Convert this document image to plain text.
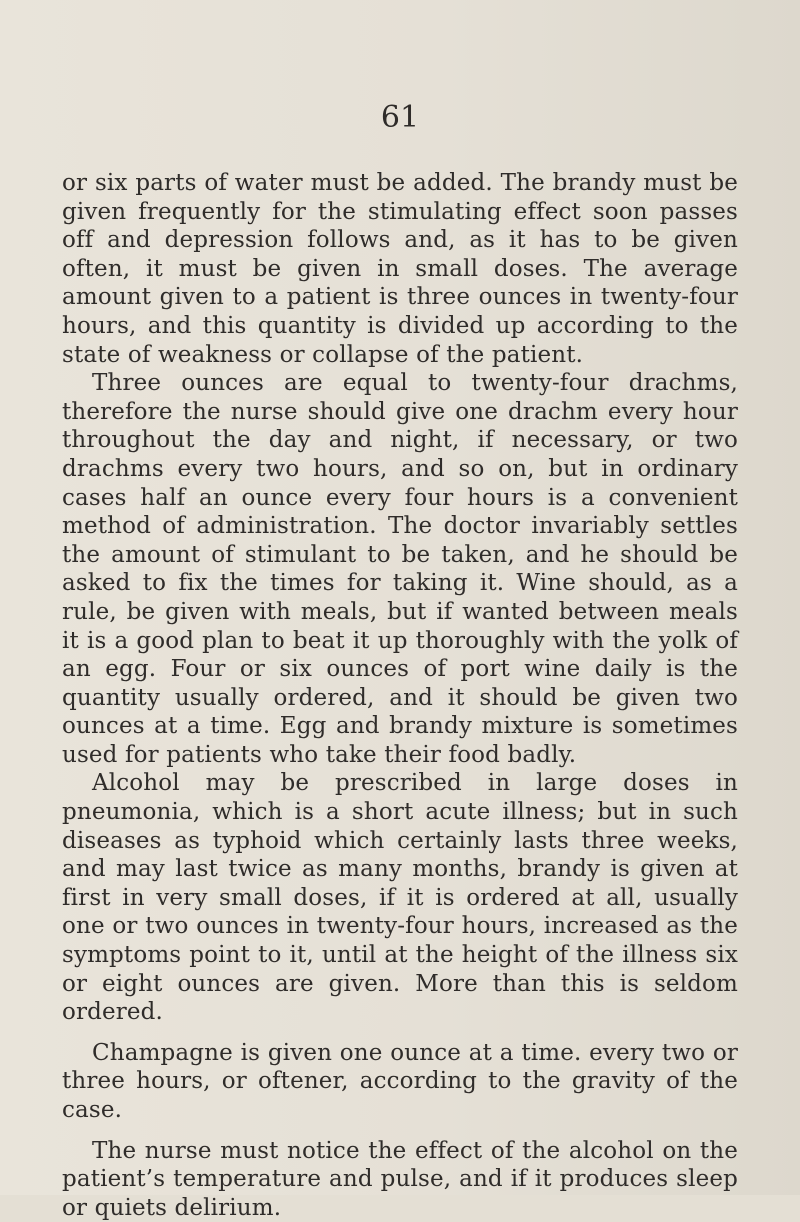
61

or six parts of water must be added. The brandy must be given frequently for the stimulating effect soon passes off and depression follows and, as it has to be given often, it must be given in small doses. The average amount given to a patient is three ounces in twenty-four hours, and this quantity is divided up according to the state of weakness or collapse of the patient.

Three ounces are equal to twenty-four drachms, therefore the nurse should give one drachm every hour throughout the day and night, if necessary, or two drachms every two hours, and so on, but in ordinary cases half an ounce every four hours is a convenient method of administration. The doctor invariably settles the amount of stimulant to be taken, and he should be asked to fix the times for taking it. Wine should, as a rule, be given with meals, but if wanted between meals it is a good plan to beat it up thoroughly with the yolk of an egg. Four or six ounces of port wine daily is the quantity usually ordered, and it should be given two ounces at a time. Egg and brandy mixture is sometimes used for patients who take their food badly.

Alcohol may be prescribed in large doses in pneumonia, which is a short acute illness; but in such diseases as typhoid which certainly lasts three weeks, and may last twice as many months, brandy is given at first in very small doses, if it is ordered at all, usually one or two ounces in twenty-four hours, increased as the symptoms point to it, until at the height of the illness six or eight ounces are given. More than this is seldom ordered.

Champagne is given one ounce at a time. every two or three hours, or oftener, according to the gravity of the case.

The nurse must notice the effect of the alcohol on the patient’s temperature and pulse, and if it produces sleep or quiets delirium.
